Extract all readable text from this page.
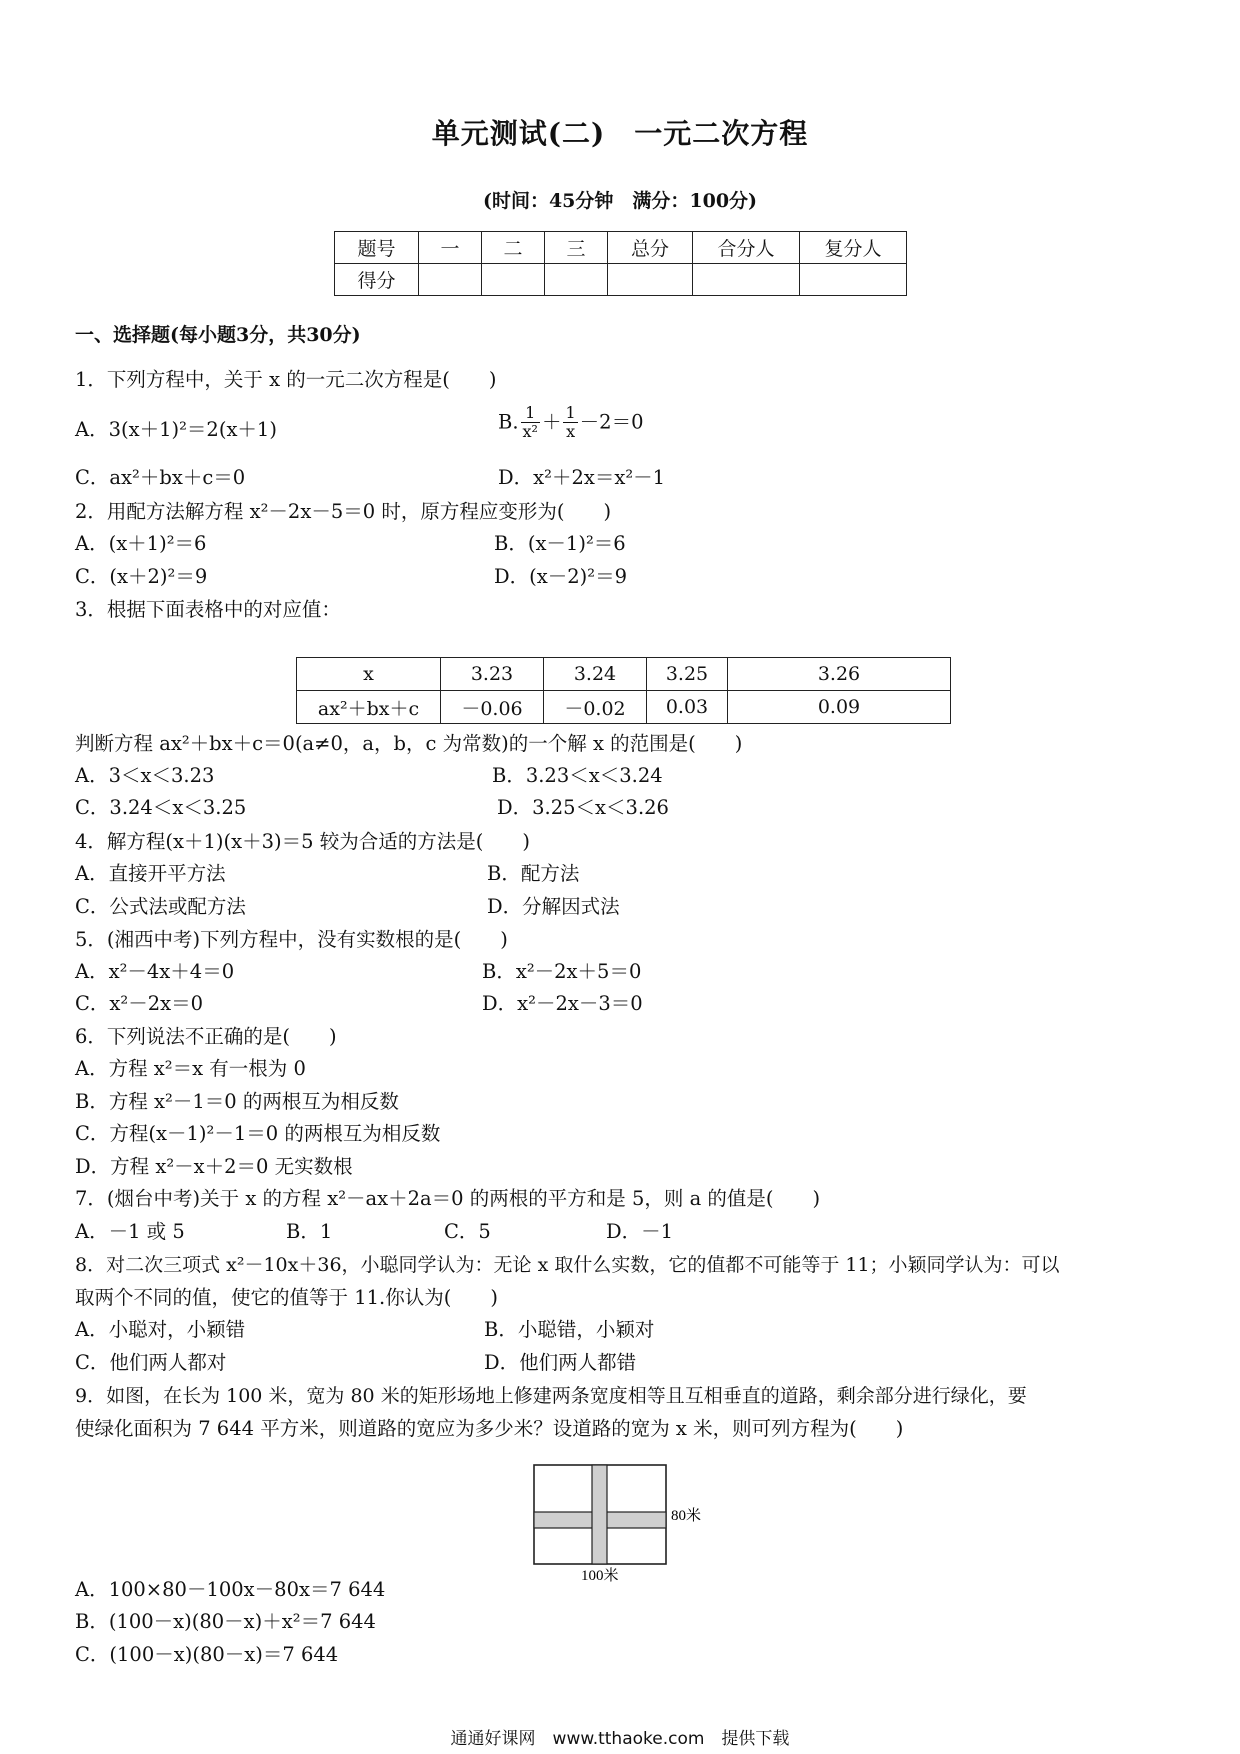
单元测试(二)　一元二次方程
(时间：45分钟　满分：100分)
题号	一	二	三	总分	合分人	复分人
得分						
一、选择题(每小题3分，共30分)
1．下列方程中，关于 x 的一元二次方程是(　　)
A．3(x＋1)²＝2(x＋1)	B. $\frac{1}{\text{x²}} + \frac{1}{x} -2=0$
C．ax²＋bx＋c＝0	D．x²＋2x＝x²－1
2．用配方法解方程 x²－2x－5＝0 时，原方程应变形为(　　)
A．(x＋1)²＝6	B．(x－1)²＝6
C．(x＋2)²＝9	D．(x－2)²＝9
3．根据下面表格中的对应值：
x	3.23	3.24	3.25	3.26
ax²＋bx＋c	－0.06	－0.02	0.03	0.09
判断方程 ax²＋bx＋c＝0(a≠0，a，b，c 为常数)的一个解 x 的范围是(　　)
A．3＜x＜3.23	B．3.23＜x＜3.24
C．3.24＜x＜3.25	D．3.25＜x＜3.26
4．解方程(x＋1)(x＋3)＝5 较为合适的方法是(　　)
A．直接开平方法	B．配方法
C．公式法或配方法	D．分解因式法
5．(湘西中考)下列方程中，没有实数根的是(　　)
A．x²－4x＋4＝0	B．x²－2x＋5＝0
C．x²－2x＝0	D．x²－2x－3＝0
6．下列说法不正确的是(　　)
A．方程 x²＝x 有一根为 0
B．方程 x²－1＝0 的两根互为相反数
C．方程(x－1)²－1＝0 的两根互为相反数
D．方程 x²－x＋2＝0 无实数根
7．(烟台中考)关于 x 的方程 x²－ax＋2a＝0 的两根的平方和是 5，则 a 的值是(　　)
A．－1 或 5	B．1	C．5	D．－1
8．对二次三项式 x²－10x＋36，小聪同学认为：无论 x 取什么实数，它的值都不可能等于 11；小颖同学认为：可以
取两个不同的值，使它的值等于 11.你认为(　　)
A．小聪对，小颖错	B．小聪错，小颖对
C．他们两人都对	D．他们两人都错
9．如图，在长为 100 米，宽为 80 米的矩形场地上修建两条宽度相等且互相垂直的道路，剩余部分进行绿化，要
使绿化面积为 7 644 平方米，则道路的宽应为多少米？设道路的宽为 x 米，则可列方程为(　　)
80米
100米
A．100×80－100x－80x＝7 644
B．(100－x)(80－x)＋x²＝7 644
C．(100－x)(80－x)＝7 644
通通好课网　www.tthaoke.com　提供下载
